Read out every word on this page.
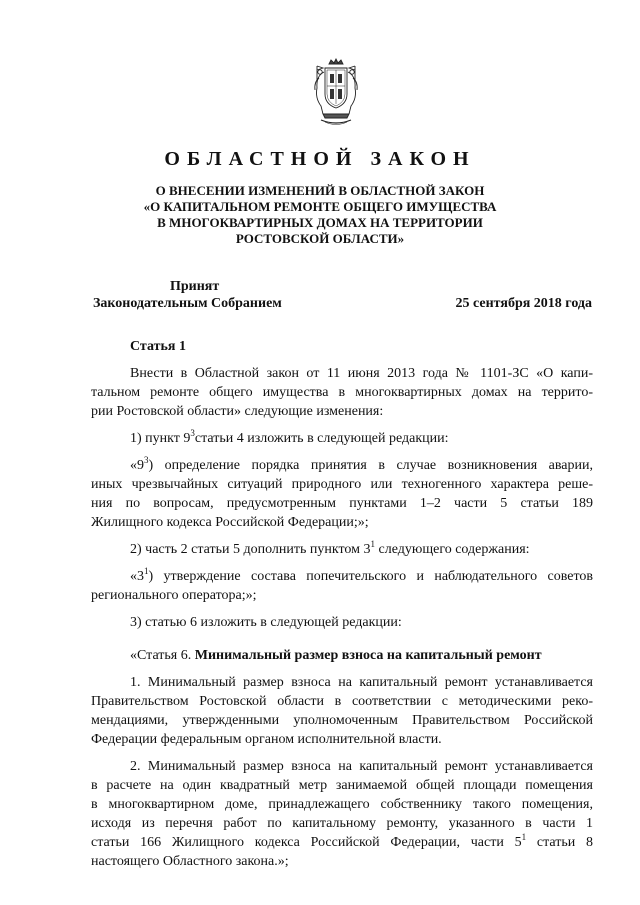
ОБЛАСТНОЙ ЗАКОН
О ВНЕСЕНИИ ИЗМЕНЕНИЙ В ОБЛАСТНОЙ ЗАКОН
«О КАПИТАЛЬНОМ РЕМОНТЕ ОБЩЕГО ИМУЩЕСТВА
В МНОГОКВАРТИРНЫХ ДОМАХ НА ТЕРРИТОРИИ
РОСТОВСКОЙ ОБЛАСТИ»
Принят
Законодательным Собранием	25 сентября 2018 года

Статья 1

Внести в Областной закон от 11 июня 2013 года № 1101-ЗС «О капи-
тальном ремонте общего имущества в многоквартирных домах на террито-
рии Ростовской области» следующие изменения:

1) пункт $9^3статьи$ 4 изложить в следующей редакции:

«$9^3$) определение порядка принятия в случае возникновения аварии,
иных чрезвычайных ситуаций природного или техногенного характера реше-
ния по вопросам, предусмотренным пунктами 1–2 части 5 статьи 189
Жилищного кодекса Российской Федерации;»;

2) часть 2 статьи 5 дополнить пунктом $3^1$ следующего содержания:

«$3^1$) утверждение состава попечительского и наблюдательного советов
регионального оператора;»;

3) статью 6 изложить в следующей редакции:

«Статья 6. Минимальный размер взноса на капитальный ремонт

1. Минимальный размер взноса на капитальный ремонт устанавливается
Правительством Ростовской области в соответствии с методическими реко-
мендациями, утвержденными уполномоченным Правительством Российской
Федерации федеральным органом исполнительной власти.

2. Минимальный размер взноса на капитальный ремонт устанавливается
в расчете на один квадратный метр занимаемой общей площади помещения
в многоквартирном доме, принадлежащего собственнику такого помещения,
исходя из перечня работ по капитальному ремонту, указанного в части 1
статьи 166 Жилищного кодекса Российской Федерации, части $5^1$ статьи 8
настоящего Областного закона.»;
